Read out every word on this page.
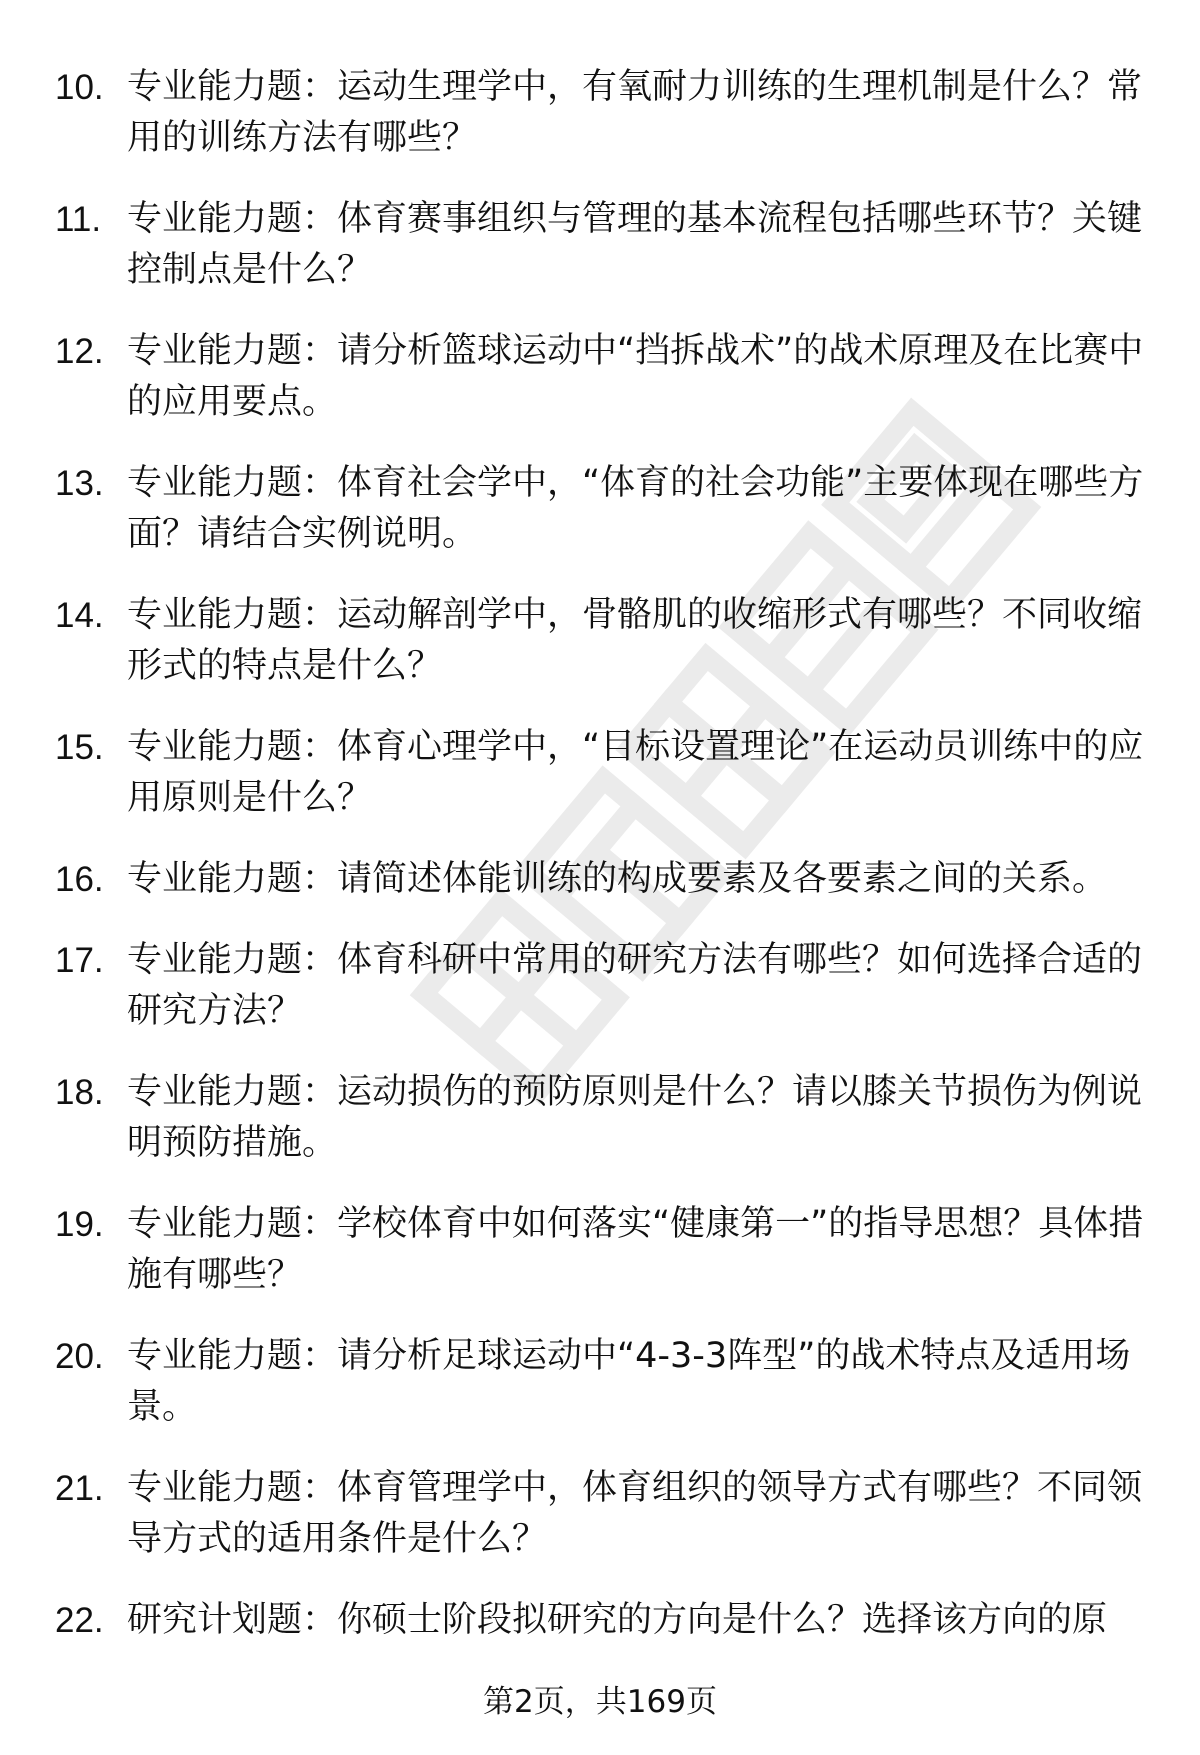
10. 专业能力题：运动生理学中，有氧耐力训练的生理机制是什么？常用的训练方法有哪些？
11. 专业能力题：体育赛事组织与管理的基本流程包括哪些环节？关键控制点是什么？
12. 专业能力题：请分析篮球运动中“挡拆战术”的战术原理及在比赛中的应用要点。
13. 专业能力题：体育社会学中，“体育的社会功能”主要体现在哪些方面？请结合实例说明。
14. 专业能力题：运动解剖学中，骨骼肌的收缩形式有哪些？不同收缩形式的特点是什么？
15. 专业能力题：体育心理学中，“目标设置理论”在运动员训练中的应用原则是什么？
16. 专业能力题：请简述体能训练的构成要素及各要素之间的关系。
17. 专业能力题：体育科研中常用的研究方法有哪些？如何选择合适的研究方法？
18. 专业能力题：运动损伤的预防原则是什么？请以膝关节损伤为例说明预防措施。
19. 专业能力题：学校体育中如何落实“健康第一”的指导思想？具体措施有哪些？
20. 专业能力题：请分析足球运动中“4-3-3阵型”的战术特点及适用场景。
21. 专业能力题：体育管理学中，体育组织的领导方式有哪些？不同领导方式的适用条件是什么？
22. 研究计划题：你硕士阶段拟研究的方向是什么？选择该方向的原
第2页，共169页
